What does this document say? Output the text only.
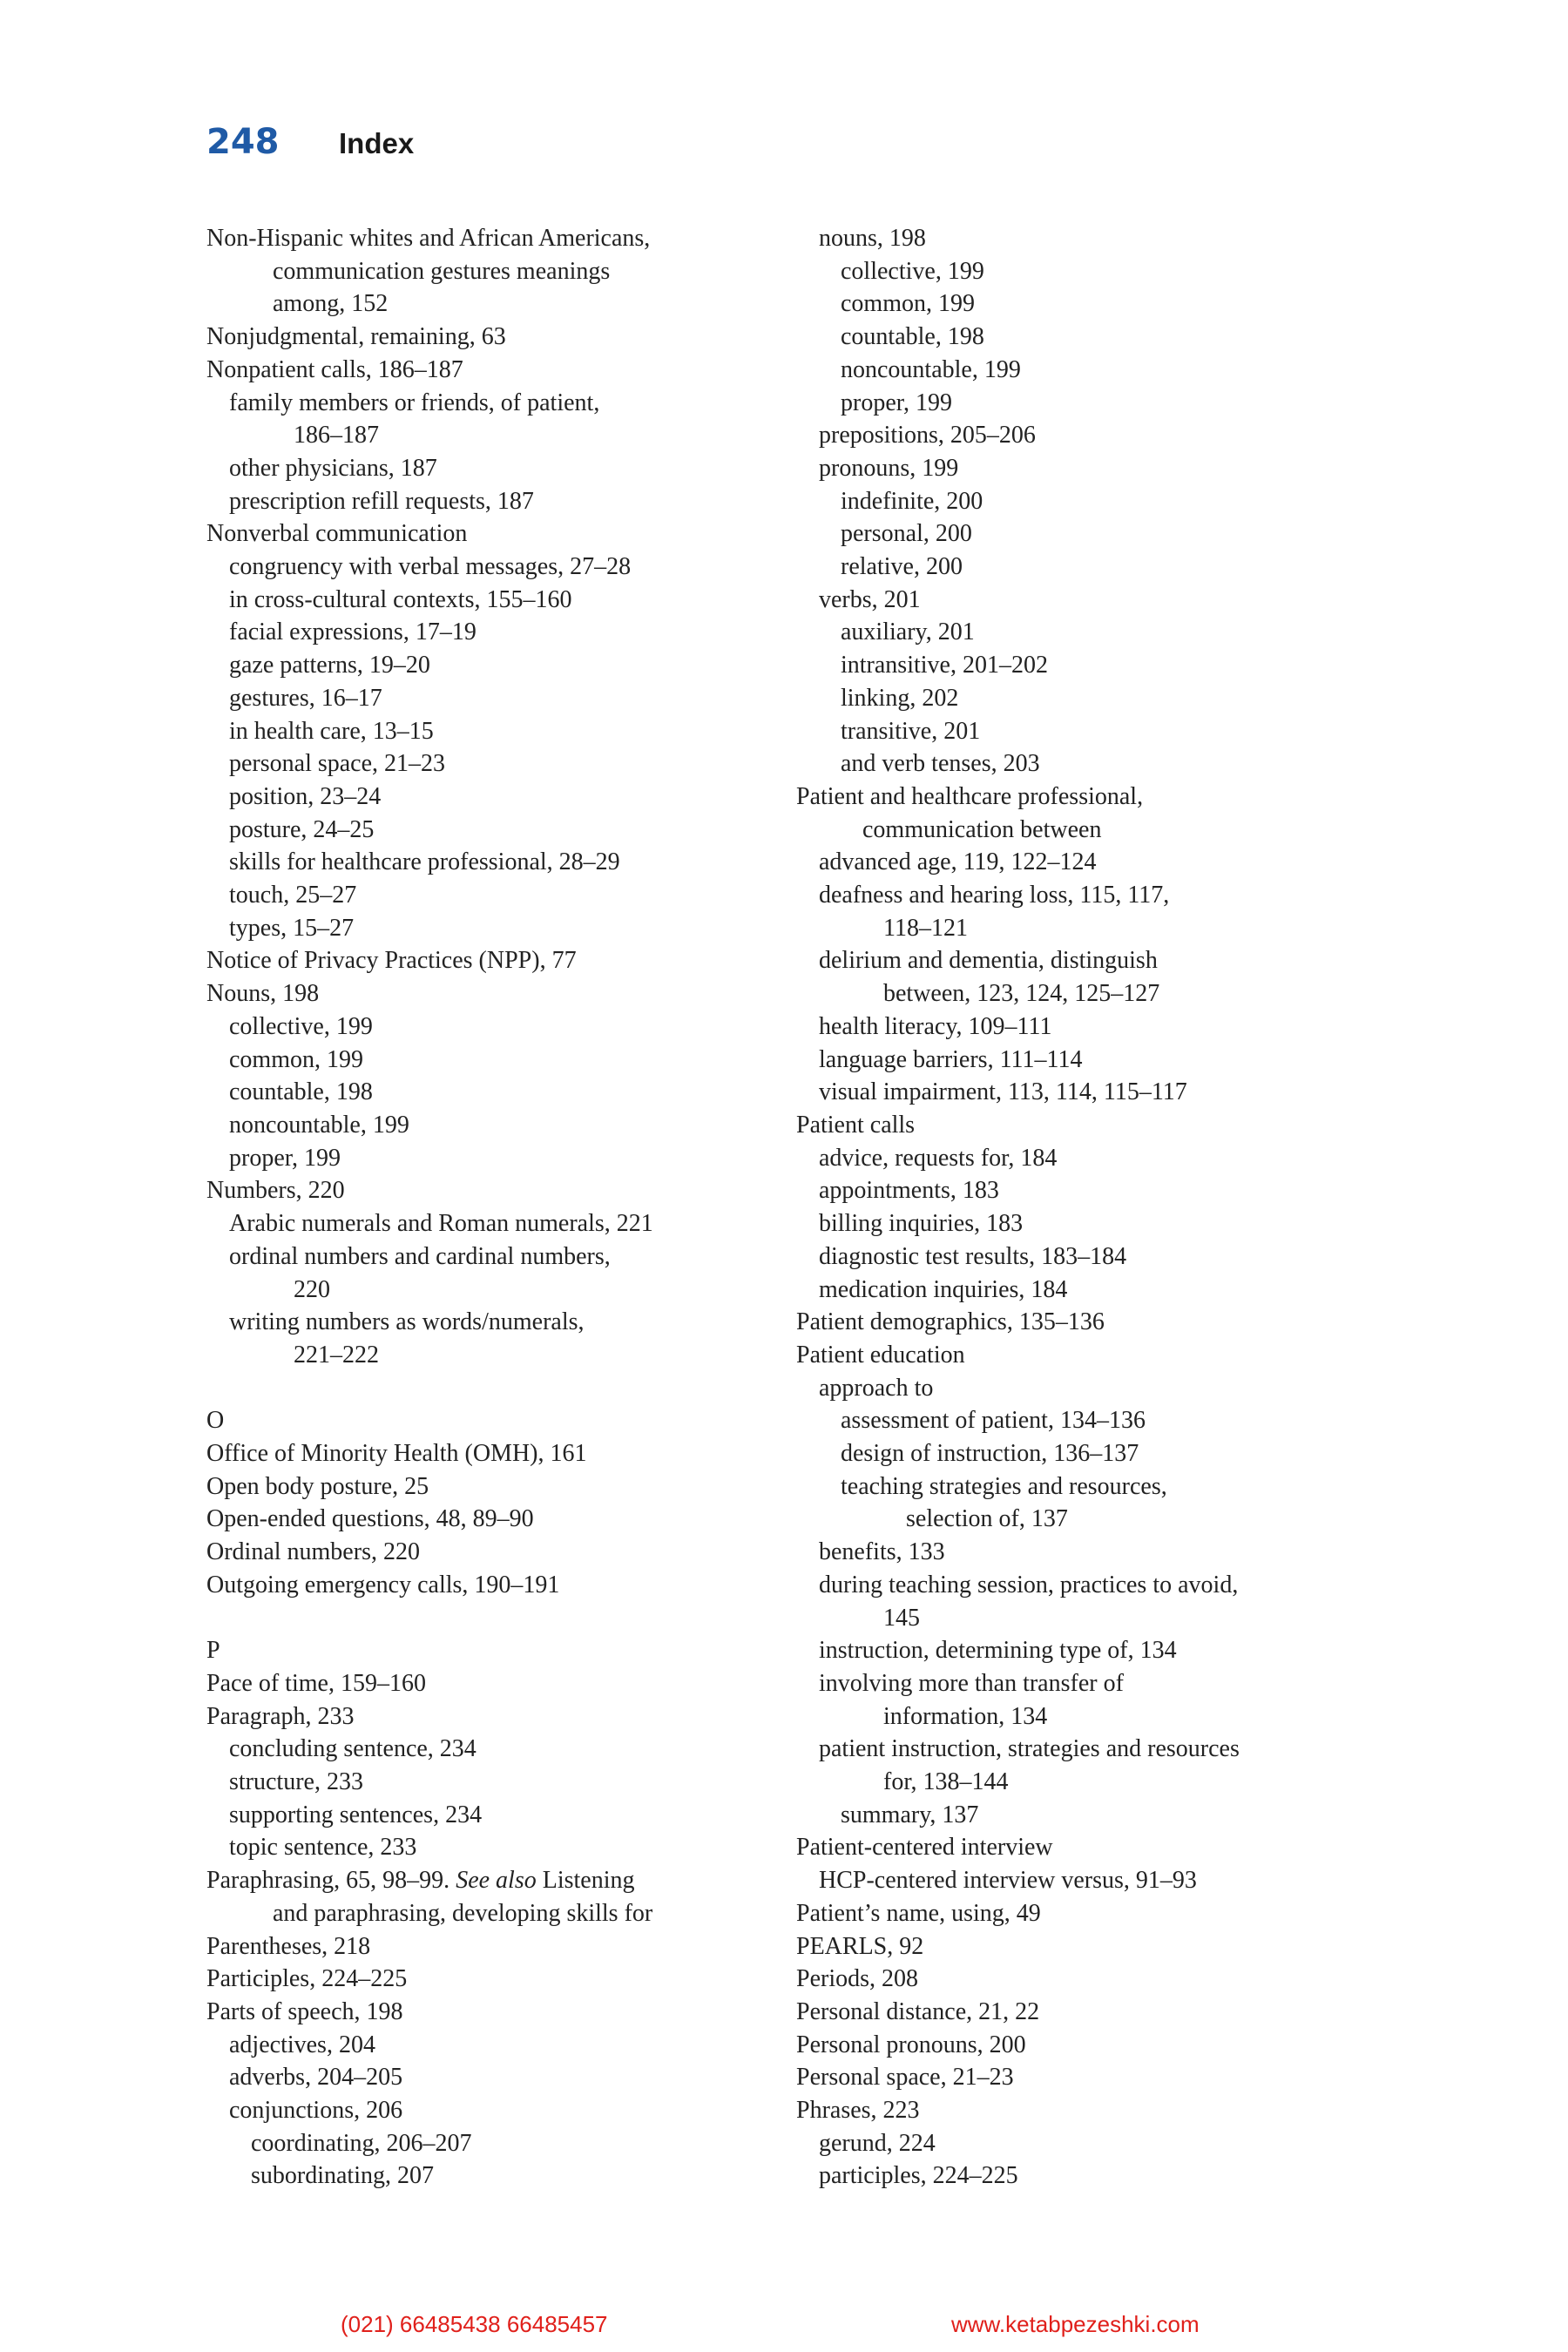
248 Index
Non-Hispanic whites and African Americans,
communication gestures meanings
among, 152
Nonjudgmental, remaining, 63
Nonpatient calls, 186–187
family members or friends, of patient,
186–187
other physicians, 187
prescription refill requests, 187
Nonverbal communication
congruency with verbal messages, 27–28
in cross-cultural contexts, 155–160
facial expressions, 17–19
gaze patterns, 19–20
gestures, 16–17
in health care, 13–15
personal space, 21–23
position, 23–24
posture, 24–25
skills for healthcare professional, 28–29
touch, 25–27
types, 15–27
Notice of Privacy Practices (NPP), 77
Nouns, 198
collective, 199
common, 199
countable, 198
noncountable, 199
proper, 199
Numbers, 220
Arabic numerals and Roman numerals, 221
ordinal numbers and cardinal numbers,
220
writing numbers as words/numerals,
221–222
O
Office of Minority Health (OMH), 161
Open body posture, 25
Open-ended questions, 48, 89–90
Ordinal numbers, 220
Outgoing emergency calls, 190–191
P
Pace of time, 159–160
Paragraph, 233
concluding sentence, 234
structure, 233
supporting sentences, 234
topic sentence, 233
Paraphrasing, 65, 98–99. See also Listening
and paraphrasing, developing skills for
Parentheses, 218
Participles, 224–225
Parts of speech, 198
adjectives, 204
adverbs, 204–205
conjunctions, 206
coordinating, 206–207
subordinating, 207
nouns, 198
collective, 199
common, 199
countable, 198
noncountable, 199
proper, 199
prepositions, 205–206
pronouns, 199
indefinite, 200
personal, 200
relative, 200
verbs, 201
auxiliary, 201
intransitive, 201–202
linking, 202
transitive, 201
and verb tenses, 203
Patient and healthcare professional,
communication between
advanced age, 119, 122–124
deafness and hearing loss, 115, 117,
118–121
delirium and dementia, distinguish
between, 123, 124, 125–127
health literacy, 109–111
language barriers, 111–114
visual impairment, 113, 114, 115–117
Patient calls
advice, requests for, 184
appointments, 183
billing inquiries, 183
diagnostic test results, 183–184
medication inquiries, 184
Patient demographics, 135–136
Patient education
approach to
assessment of patient, 134–136
design of instruction, 136–137
teaching strategies and resources,
selection of, 137
benefits, 133
during teaching session, practices to avoid,
145
instruction, determining type of, 134
involving more than transfer of
information, 134
patient instruction, strategies and resources
for, 138–144
summary, 137
Patient-centered interview
HCP-centered interview versus, 91–93
Patient’s name, using, 49
PEARLS, 92
Periods, 208
Personal distance, 21, 22
Personal pronouns, 200
Personal space, 21–23
Phrases, 223
gerund, 224
participles, 224–225
(021) 66485438 66485457	www.ketabpezeshki.com
